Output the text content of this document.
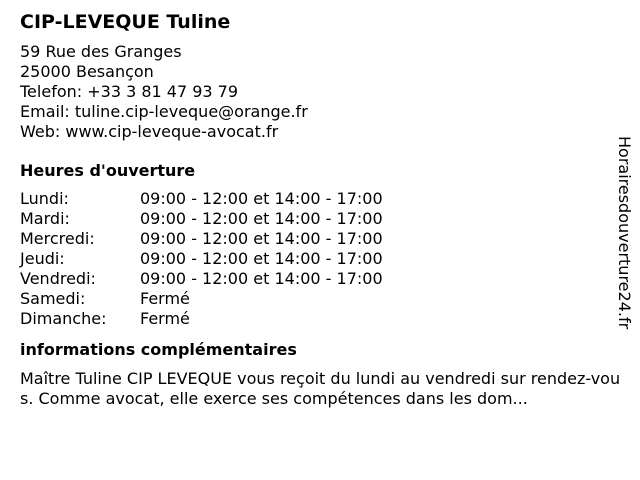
CIP-LEVEQUE Tuline
59 Rue des Granges
25000 Besançon
Telefon: +33 3 81 47 93 79
Email: tuline.cip-leveque@orange.fr
Web: www.cip-leveque-avocat.fr
Heures d'ouverture
Lundi:	09:00 - 12:00 et 14:00 - 17:00
Mardi:	09:00 - 12:00 et 14:00 - 17:00
Mercredi:	09:00 - 12:00 et 14:00 - 17:00
Jeudi:	09:00 - 12:00 et 14:00 - 17:00
Vendredi:	09:00 - 12:00 et 14:00 - 17:00
Samedi:	Fermé
Dimanche:	Fermé
informations complémentaires
Maître Tuline CIP LEVEQUE vous reçoit du lundi au vendredi sur rendez-vous. Comme avocat, elle exerce ses compétences dans les dom...
Horairesdouverture24.fr
